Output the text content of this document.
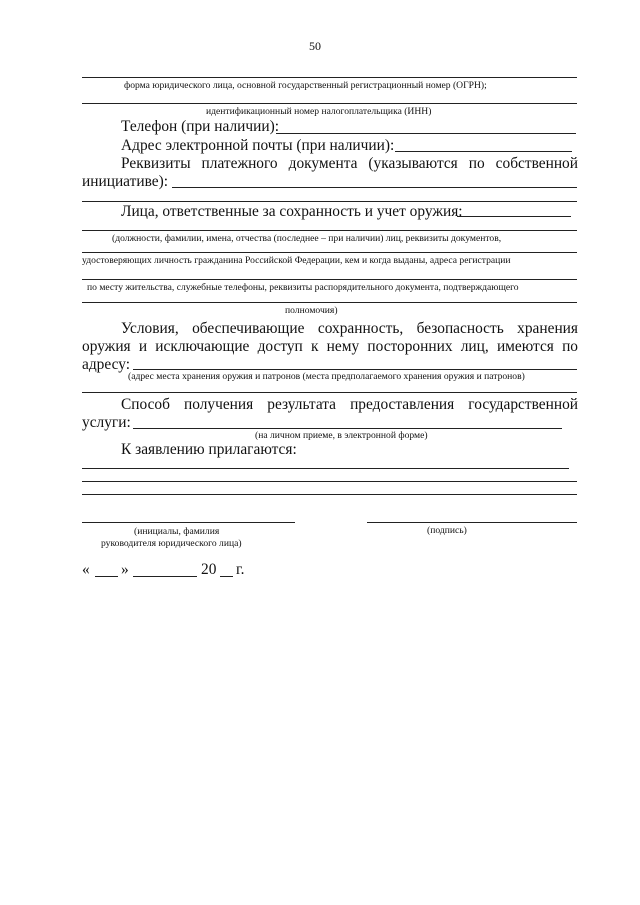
50
форма юридического лица, основной государственный регистрационный номер (ОГРН);
идентификационный номер налогоплательщика (ИНН)
Телефон (при наличии):
Адрес электронной почты (при наличии):
Реквизиты платежного документа (указываются по собственной
инициативе):
Лица, ответственные за сохранность и учет оружия:
(должности, фамилии, имена, отчества (последнее – при наличии) лиц, реквизиты документов,
удостоверяющих личность гражданина Российской Федерации, кем и когда выданы, адреса регистрации
по месту жительства, служебные телефоны, реквизиты распорядительного документа, подтверждающего
полномочия)
Условия, обеспечивающие сохранность, безопасность хранения
оружия и исключающие доступ к нему посторонних лиц, имеются по
адресу:
(адрес места хранения оружия и патронов (места предполагаемого хранения оружия и патронов)
Способ получения результата предоставления государственной
услуги:
(на личном приеме, в электронной форме)
К заявлению прилагаются:
(инициалы, фамилия
руководителя юридического лица)
(подпись)
« »	20 г.
